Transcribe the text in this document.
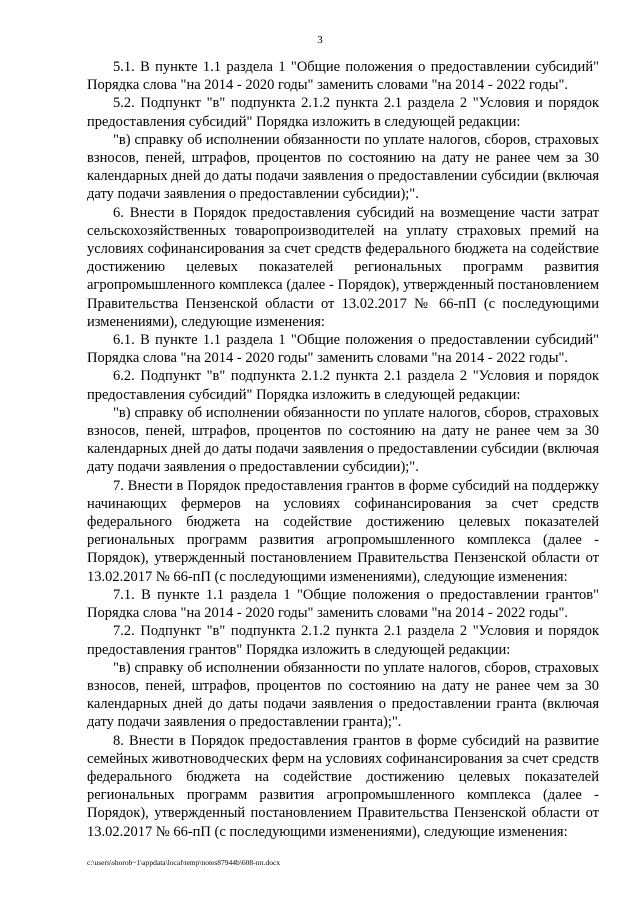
3

5.1. В пункте 1.1 раздела 1 "Общие положения о предоставлении субсидий" Порядка слова "на 2014 - 2020 годы" заменить словами "на 2014 - 2022 годы".

5.2. Подпункт "в" подпункта 2.1.2 пункта 2.1 раздела 2 "Условия и порядок предоставления субсидий" Порядка изложить в следующей редакции:

"в) справку об исполнении обязанности по уплате налогов, сборов, страховых взносов, пеней, штрафов, процентов по состоянию на дату не ранее чем за 30 календарных дней до даты подачи заявления о предоставлении субсидии (включая дату подачи заявления о предоставлении субсидии);".

6. Внести в Порядок предоставления субсидий на возмещение части затрат сельскохозяйственных товаропроизводителей на уплату страховых премий на условиях софинансирования за счет средств федерального бюджета на содействие достижению целевых показателей региональных программ развития агропромышленного комплекса (далее - Порядок), утвержденный постановлением Правительства Пензенской области от 13.02.2017 № 66-пП (с последующими изменениями), следующие изменения:

6.1. В пункте 1.1 раздела 1 "Общие положения о предоставлении субсидий" Порядка слова "на 2014 - 2020 годы" заменить словами "на 2014 - 2022 годы".

6.2. Подпункт "в" подпункта 2.1.2 пункта 2.1 раздела 2 "Условия и порядок предоставления субсидий" Порядка изложить в следующей редакции:

"в) справку об исполнении обязанности по уплате налогов, сборов, страховых взносов, пеней, штрафов, процентов по состоянию на дату не ранее чем за 30 календарных дней до даты подачи заявления о предоставлении субсидии (включая дату подачи заявления о предоставлении субсидии);".

7. Внести в Порядок предоставления грантов в форме субсидий на поддержку начинающих фермеров на условиях софинансирования за счет средств федерального бюджета на содействие достижению целевых показателей региональных программ развития агропромышленного комплекса (далее - Порядок), утвержденный постановлением Правительства Пензенской области от 13.02.2017 № 66-пП (с последующими изменениями), следующие изменения:

7.1. В пункте 1.1 раздела 1 "Общие положения о предоставлении грантов" Порядка слова "на 2014 - 2020 годы" заменить словами "на 2014 - 2022 годы".

7.2. Подпункт "в" подпункта 2.1.2 пункта 2.1 раздела 2 "Условия и порядок предоставления грантов" Порядка изложить в следующей редакции:

"в) справку об исполнении обязанности по уплате налогов, сборов, страховых взносов, пеней, штрафов, процентов по состоянию на дату не ранее чем за 30 календарных дней до даты подачи заявления о предоставлении гранта (включая дату подачи заявления о предоставлении гранта);".

8. Внести в Порядок предоставления грантов в форме субсидий на развитие семейных животноводческих ферм на условиях софинансирования за счет средств федерального бюджета на содействие достижению целевых показателей региональных программ развития агропромышленного комплекса (далее - Порядок), утвержденный постановлением Правительства Пензенской области от 13.02.2017 № 66-пП (с последующими изменениями), следующие изменения:

c:\users\shorob~1\appdata\local\temp\notes87944b\608-пп.docx
